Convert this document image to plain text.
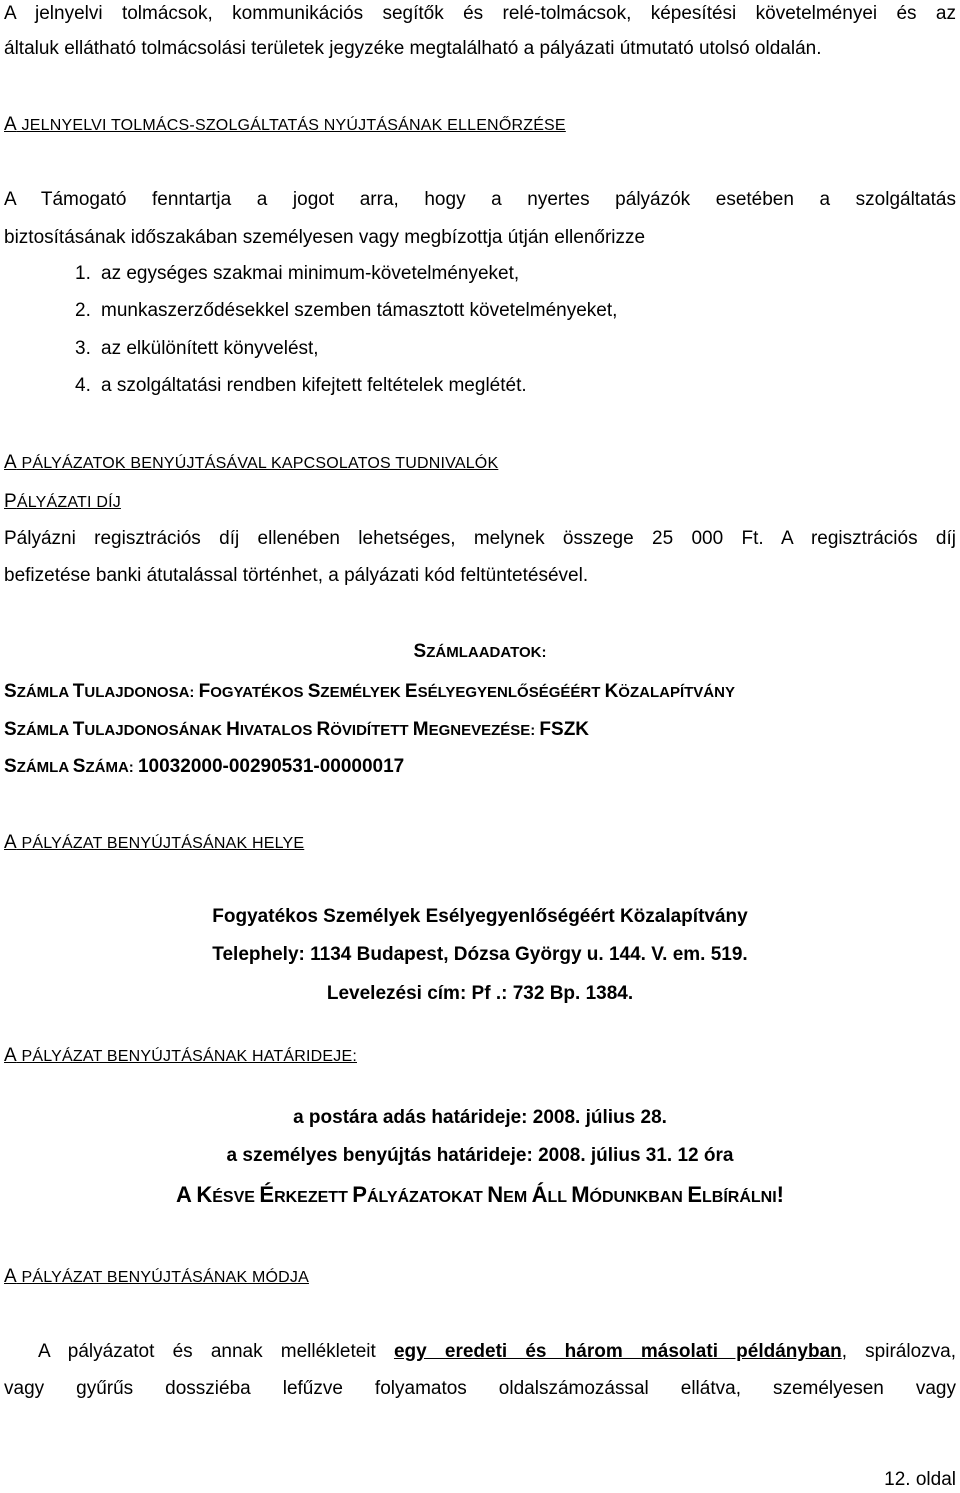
A jelnyelvi tolmácsok, kommunikációs segítők és relé-tolmácsok, képesítési követelményei és az
általuk ellátható tolmácsolási területek jegyzéke megtalálható a pályázati útmutató utolsó oldalán.
A JELNYELVI TOLMÁCS-SZOLGÁLTATÁS NYÚJTÁSÁNAK ELLENŐRZÉSE
A Támogató fenntartja a jogot arra, hogy a nyertes pályázók esetében a szolgáltatás
biztosításának időszakában személyesen vagy megbízottja útján ellenőrizze
1. az egységes szakmai minimum-követelményeket,
2. munkaszerződésekkel szemben támasztott követelményeket,
3. az elkülönített könyvelést,
4. a szolgáltatási rendben kifejtett feltételek meglétét.
A PÁLYÁZATOK BENYÚJTÁSÁVAL KAPCSOLATOS TUDNIVALÓK
PÁLYÁZATI DÍJ
Pályázni regisztrációs díj ellenében lehetséges, melynek összege 25 000 Ft. A regisztrációs díj
befizetése banki átutalással történhet, a pályázati kód feltüntetésével.
SZÁMLAADATOK:
SZÁMLA TULAJDONOSA: FOGYATÉKOS SZEMÉLYEK ESÉLYEGYENLŐSÉGÉÉRT KÖZALAPÍTVÁNY
SZÁMLA TULAJDONOSÁNAK HIVATALOS RÖVIDÍTETT MEGNEVEZÉSE: FSZK
SZÁMLA SZÁMA: 10032000-00290531-00000017
A PÁLYÁZAT BENYÚJTÁSÁNAK HELYE
Fogyatékos Személyek Esélyegyenlőségéért Közalapítvány
Telephely: 1134 Budapest, Dózsa György u. 144. V. em. 519.
Levelezési cím: Pf .: 732 Bp. 1384.
A PÁLYÁZAT BENYÚJTÁSÁNAK HATÁRIDEJE:
a postára adás határideje: 2008. július 28.
a személyes benyújtás határideje: 2008. július 31. 12 óra
A KÉSVE ÉRKEZETT PÁLYÁZATOKAT NEM ÁLL MÓDUNKBAN ELBÍRÁLNI!
A PÁLYÁZAT BENYÚJTÁSÁNAK MÓDJA
A pályázatot és annak mellékleteit egy eredeti és három másolati példányban, spirálozva,
vagy gyűrűs dossziéba lefűzve folyamatos oldalszámozással ellátva, személyesen vagy
12. oldal
